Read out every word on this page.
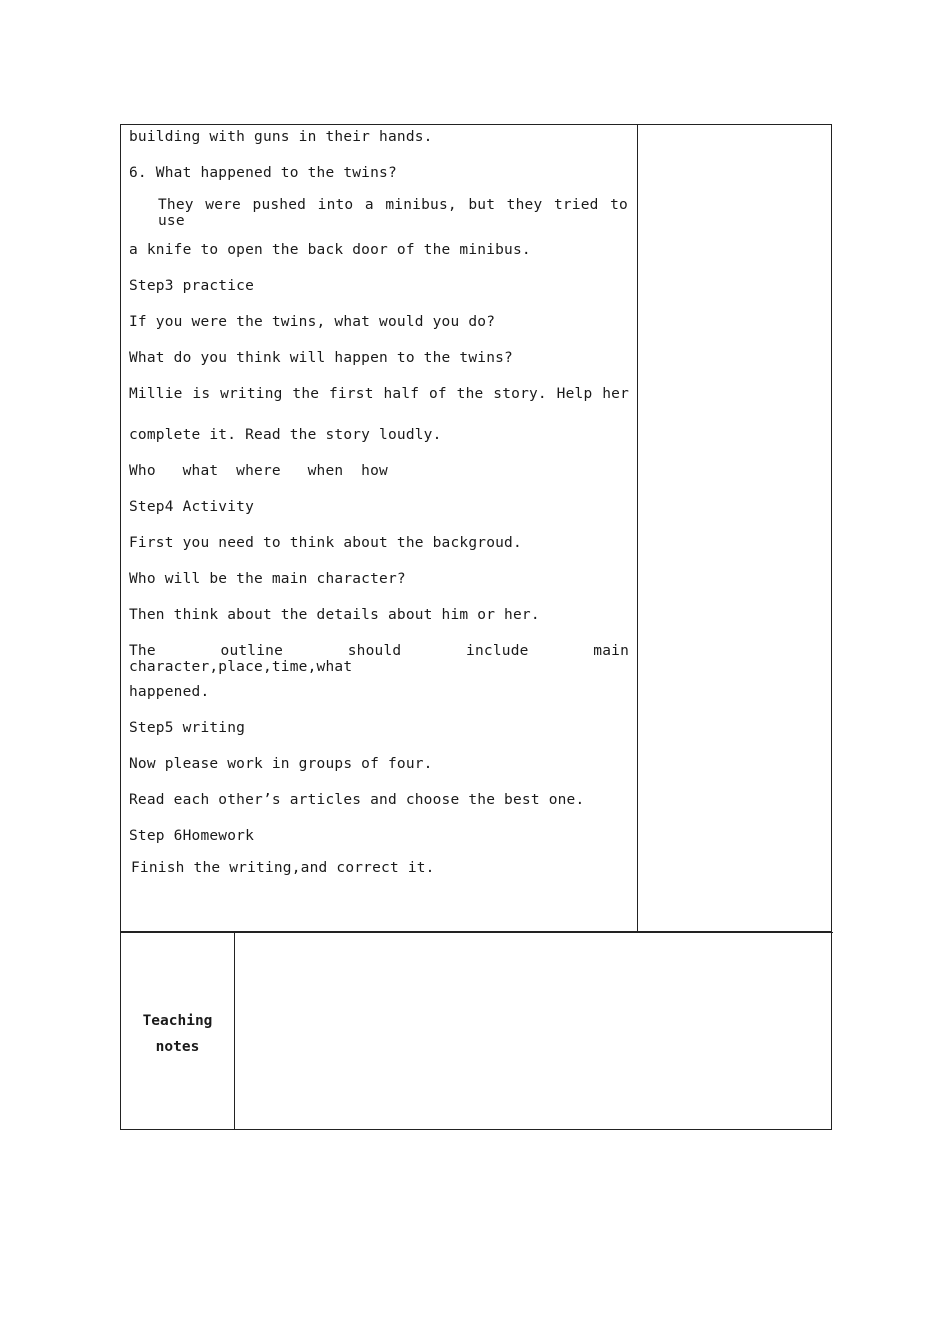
building with guns in their hands.
6. What happened to the twins?
They were pushed into a minibus, but they tried to use
a knife to open the back door of the minibus.
Step3 practice
If you were the twins, what would you do?
What do you think will happen to the twins?
Millie is writing the first half of the story. Help her
complete it. Read the story loudly.
Who   what  where   when  how
Step4 Activity
First you need to think about the backgroud.
Who will be the main character?
Then think about the details about him or her.
The outline should include main character,place,time,what
happened.
Step5 writing
Now please work in groups of four.
Read each other’s articles and choose the best one.
Step 6Homework
Finish the writing,and correct it.
Teaching
notes
